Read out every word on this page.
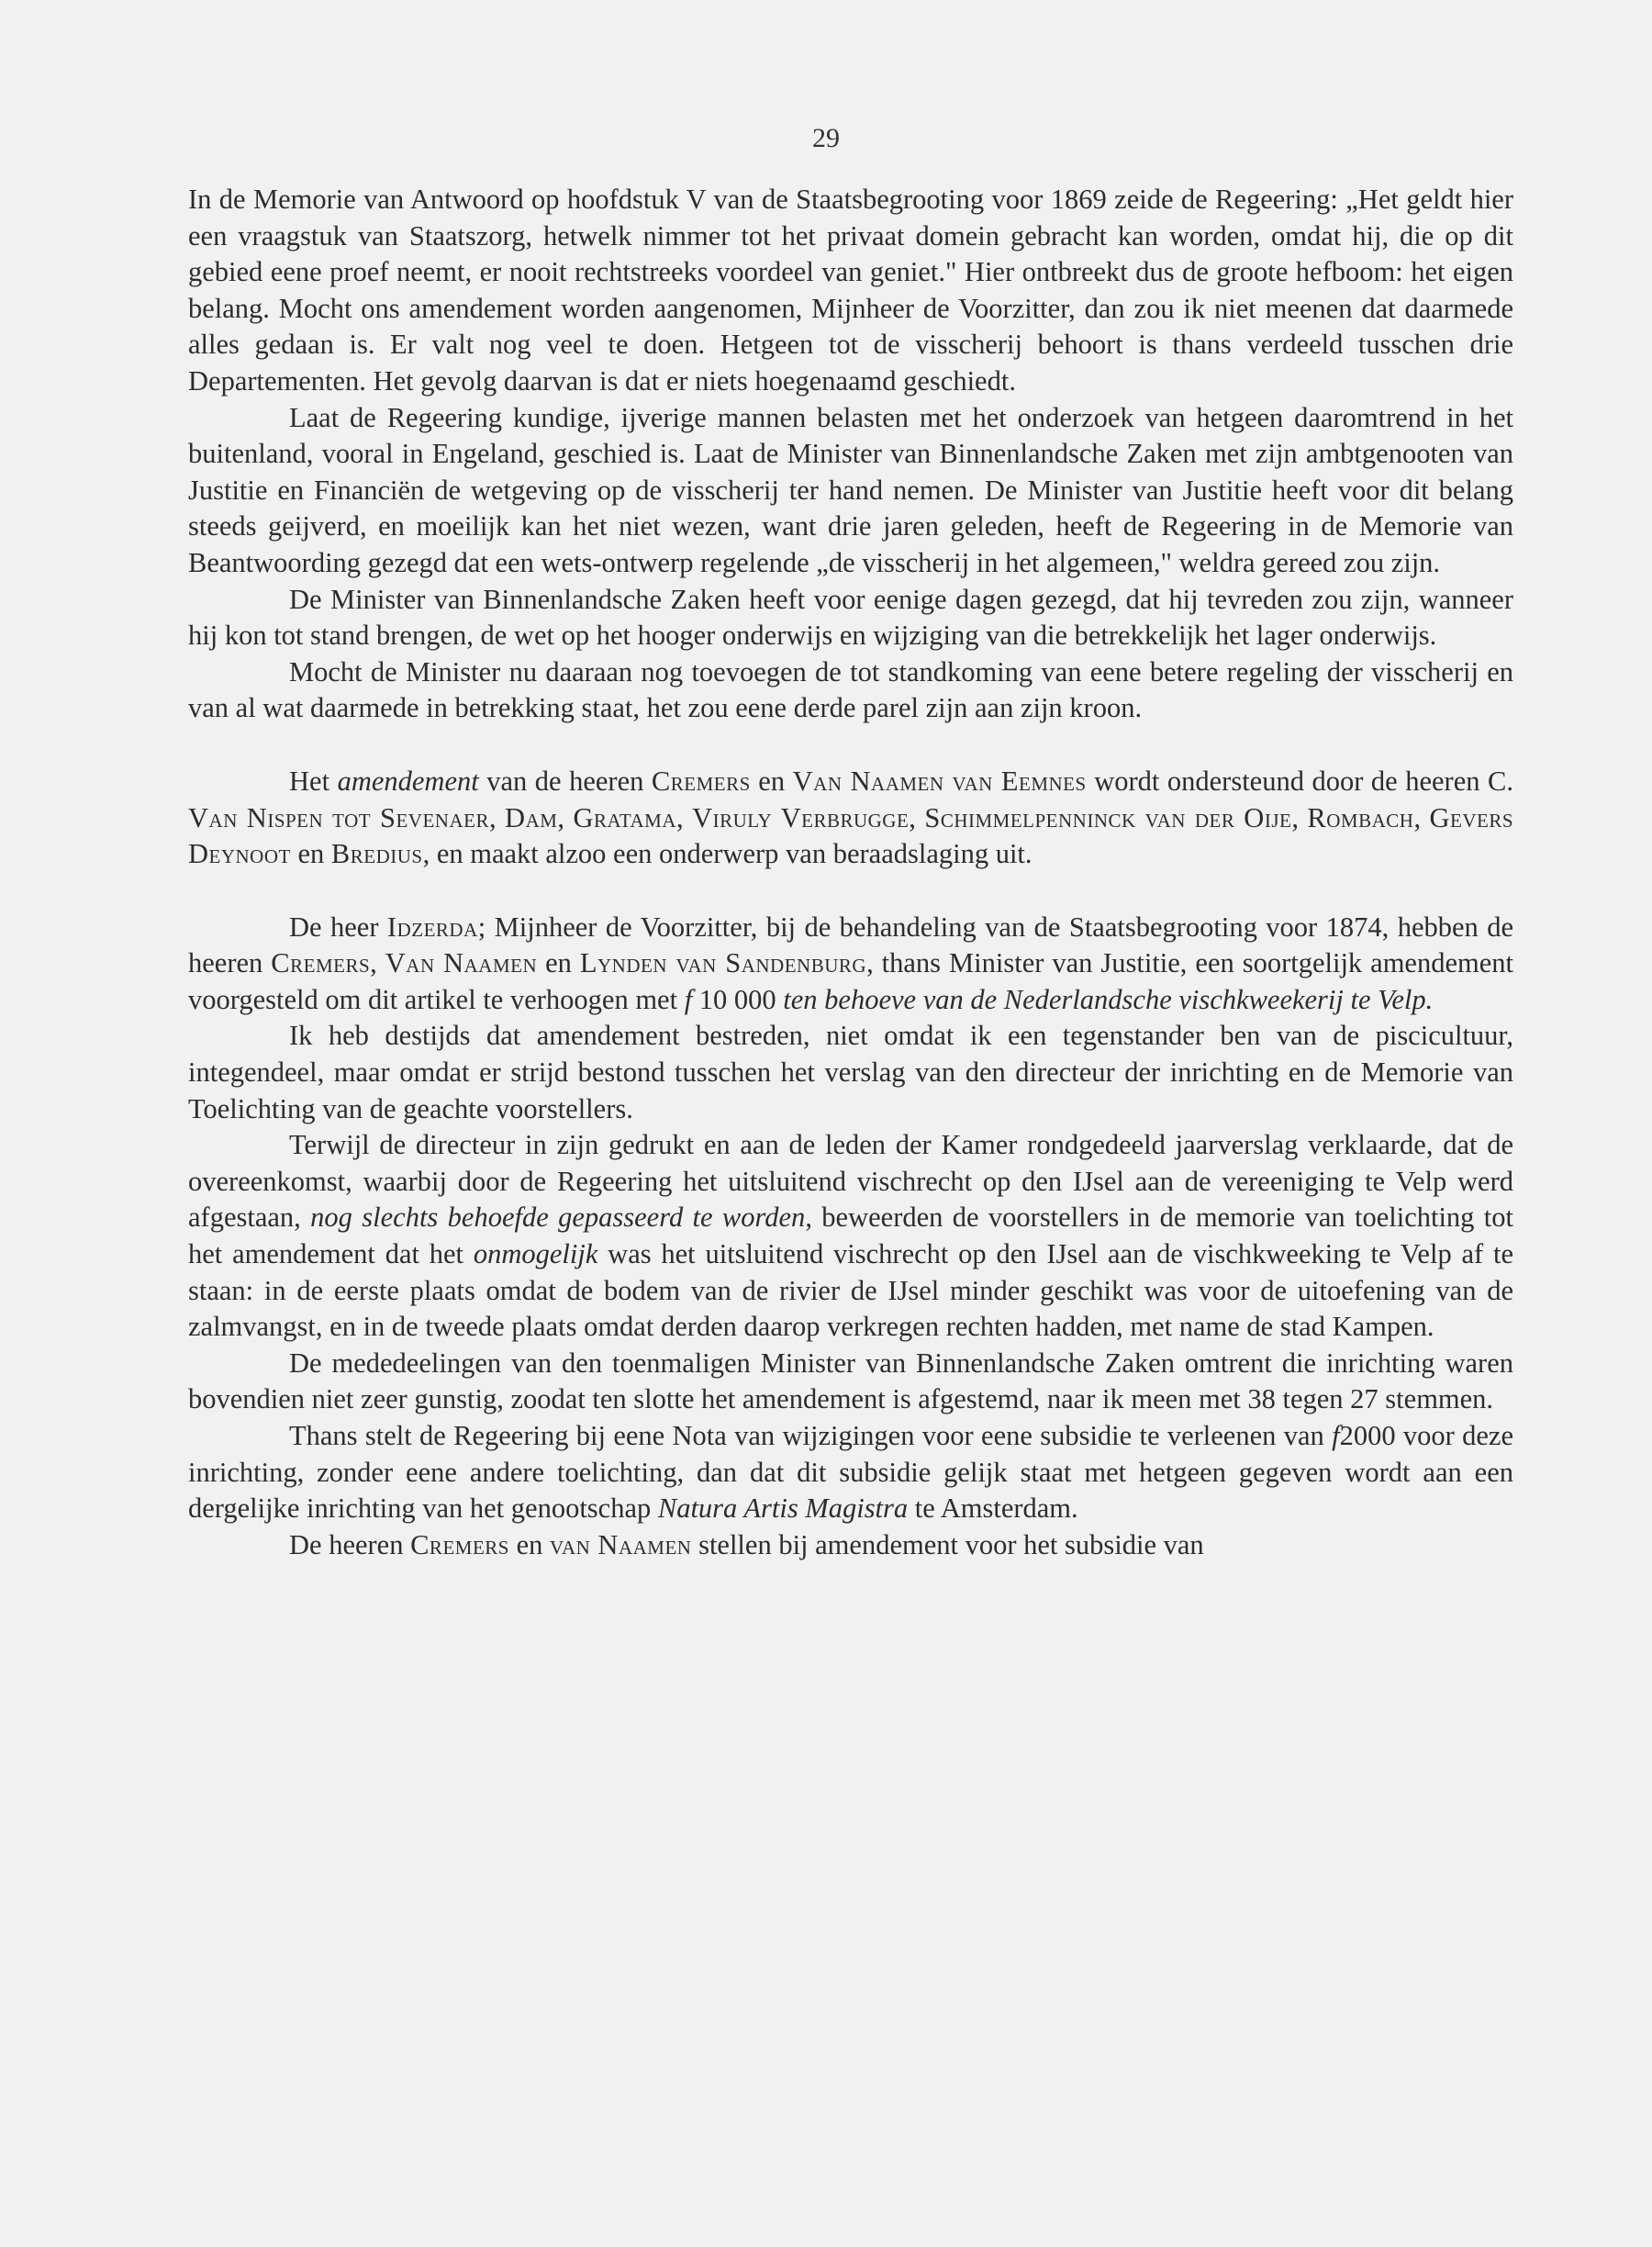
29

In de Memorie van Antwoord op hoofdstuk V van de Staatsbegrooting voor 1869 zeide de Regeering: „Het geldt hier een vraagstuk van Staatszorg, hetwelk nimmer tot het privaat domein gebracht kan worden, omdat hij, die op dit gebied eene proef neemt, er nooit rechtstreeks voordeel van geniet." Hier ontbreekt dus de groote hefboom: het eigen belang. Mocht ons amendement worden aangenomen, Mijnheer de Voorzitter, dan zou ik niet meenen dat daarmede alles gedaan is. Er valt nog veel te doen. Hetgeen tot de visscherij behoort is thans verdeeld tusschen drie Departementen. Het gevolg daarvan is dat er niets hoegenaamd geschiedt.

Laat de Regeering kundige, ijverige mannen belasten met het onderzoek van hetgeen daaromtrend in het buitenland, vooral in Engeland, geschied is. Laat de Minister van Binnenlandsche Zaken met zijn ambtgenooten van Justitie en Financiën de wetgeving op de visscherij ter hand nemen. De Minister van Justitie heeft voor dit belang steeds geijverd, en moeilijk kan het niet wezen, want drie jaren geleden, heeft de Regeering in de Memorie van Beantwoording gezegd dat een wets-ontwerp regelende „de visscherij in het algemeen," weldra gereed zou zijn.

De Minister van Binnenlandsche Zaken heeft voor eenige dagen gezegd, dat hij tevreden zou zijn, wanneer hij kon tot stand brengen, de wet op het hooger onderwijs en wijziging van die betrekkelijk het lager onderwijs.

Mocht de Minister nu daaraan nog toevoegen de tot standkoming van eene betere regeling der visscherij en van al wat daarmede in betrekking staat, het zou eene derde parel zijn aan zijn kroon.

Het amendement van de heeren Cremers en Van Naamen van Eemnes wordt ondersteund door de heeren C. Van Nispen tot Sevenaer, Dam, Gratama, Viruly Verbrugge, Schimmelpenninck van der Oije, Rombach, Gevers Deynoot en Bredius, en maakt alzoo een onderwerp van beraadslaging uit.

De heer Idzerda; Mijnheer de Voorzitter, bij de behandeling van de Staatsbegrooting voor 1874, hebben de heeren Cremers, Van Naamen en Lynden van Sandenburg, thans Minister van Justitie, een soortgelijk amendement voorgesteld om dit artikel te verhoogen met f 10 000 ten behoeve van de Nederlandsche vischkweekerij te Velp.

Ik heb destijds dat amendement bestreden, niet omdat ik een tegenstander ben van de piscicultuur, integendeel, maar omdat er strijd bestond tusschen het verslag van den directeur der inrichting en de Memorie van Toelichting van de geachte voorstellers.

Terwijl de directeur in zijn gedrukt en aan de leden der Kamer rondgedeeld jaarverslag verklaarde, dat de overeenkomst, waarbij door de Regeering het uitsluitend vischrecht op den IJsel aan de vereeniging te Velp werd afgestaan, nog slechts behoefde gepasseerd te worden, beweerden de voorstellers in de memorie van toelichting tot het amendement dat het onmogelijk was het uitsluitend vischrecht op den IJsel aan de vischkweeking te Velp af te staan: in de eerste plaats omdat de bodem van de rivier de IJsel minder geschikt was voor de uitoefening van de zalmvangst, en in de tweede plaats omdat derden daarop verkregen rechten hadden, met name de stad Kampen.

De mededeelingen van den toenmaligen Minister van Binnenlandsche Zaken omtrent die inrichting waren bovendien niet zeer gunstig, zoodat ten slotte het amendement is afgestemd, naar ik meen met 38 tegen 27 stemmen.

Thans stelt de Regeering bij eene Nota van wijzigingen voor eene subsidie te verleenen van f2000 voor deze inrichting, zonder eene andere toelichting, dan dat dit subsidie gelijk staat met hetgeen gegeven wordt aan een dergelijke inrichting van het genootschap Natura Artis Magistra te Amsterdam.

De heeren Cremers en van Naamen stellen bij amendement voor het subsidie van
